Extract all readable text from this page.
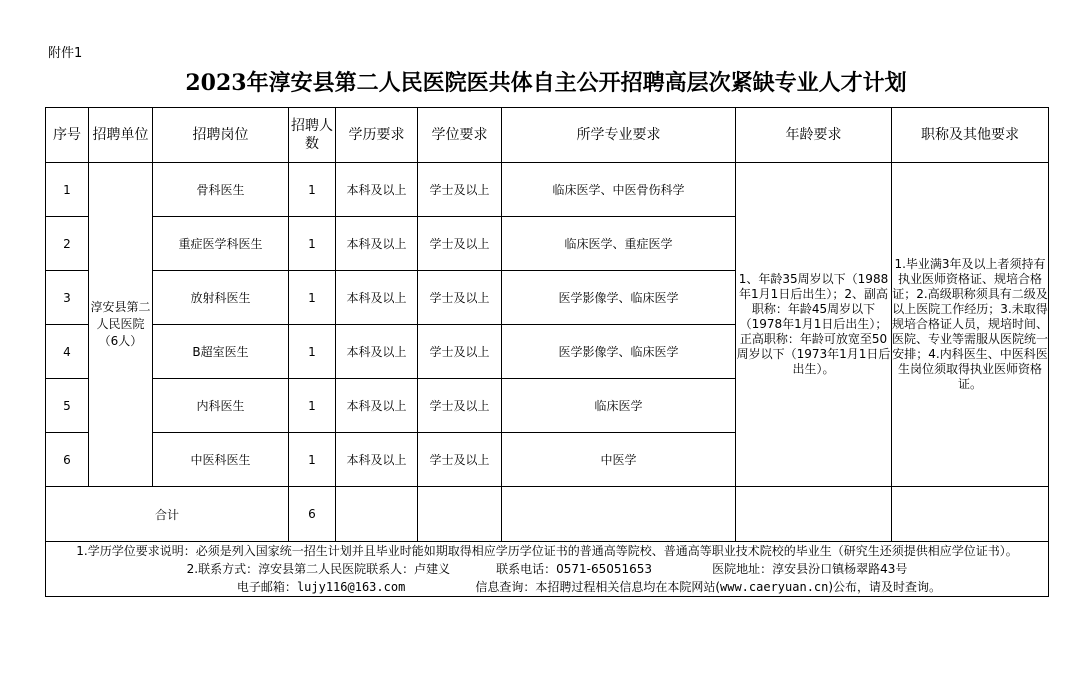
附件1
2023年淳安县第二人民医院医共体自主公开招聘高层次紧缺专业人才计划
序号	招聘单位	招聘岗位	招聘人数	学历要求	学位要求	所学专业要求	年龄要求	职称及其他要求
1	淳安县第二人民医院（6人）	骨科医生	1	本科及以上	学士及以上	临床医学、中医骨伤科学	1、年龄35周岁以下（1988年1月1日后出生）；2、副高职称：年龄45周岁以下（1978年1月1日后出生）；正高职称：年龄可放宽至50周岁以下（1973年1月1日后出生）。	1.毕业满3年及以上者须持有执业医师资格证、规培合格证；2.高级职称须具有二级及以上医院工作经历；3.未取得规培合格证人员，规培时间、医院、专业等需服从医院统一安排；4.内科医生、中医科医生岗位须取得执业医师资格证。
2		重症医学科医生	1	本科及以上	学士及以上	临床医学、重症医学		
3		放射科医生	1	本科及以上	学士及以上	医学影像学、临床医学		
4		B超室医生	1	本科及以上	学士及以上	医学影像学、临床医学		
5		内科医生	1	本科及以上	学士及以上	临床医学		
6		中医科医生	1	本科及以上	学士及以上	中医学		
合计			6					

1.学历学位要求说明：必须是列入国家统一招生计划并且毕业时能如期取得相应学历学位证书的普通高等院校、普通高等职业技术院校的毕业生（研究生还须提供相应学位证书）。
2.联系方式：淳安县第二人民医院联系人：卢建义 联系电话：0571-65051653 医院地址：淳安县汾口镇杨翠路43号
电子邮箱：lujy116@163.com 信息查询：本招聘过程相关信息均在本院网站(www.caeryuan.cn)公布，请及时查询。								
